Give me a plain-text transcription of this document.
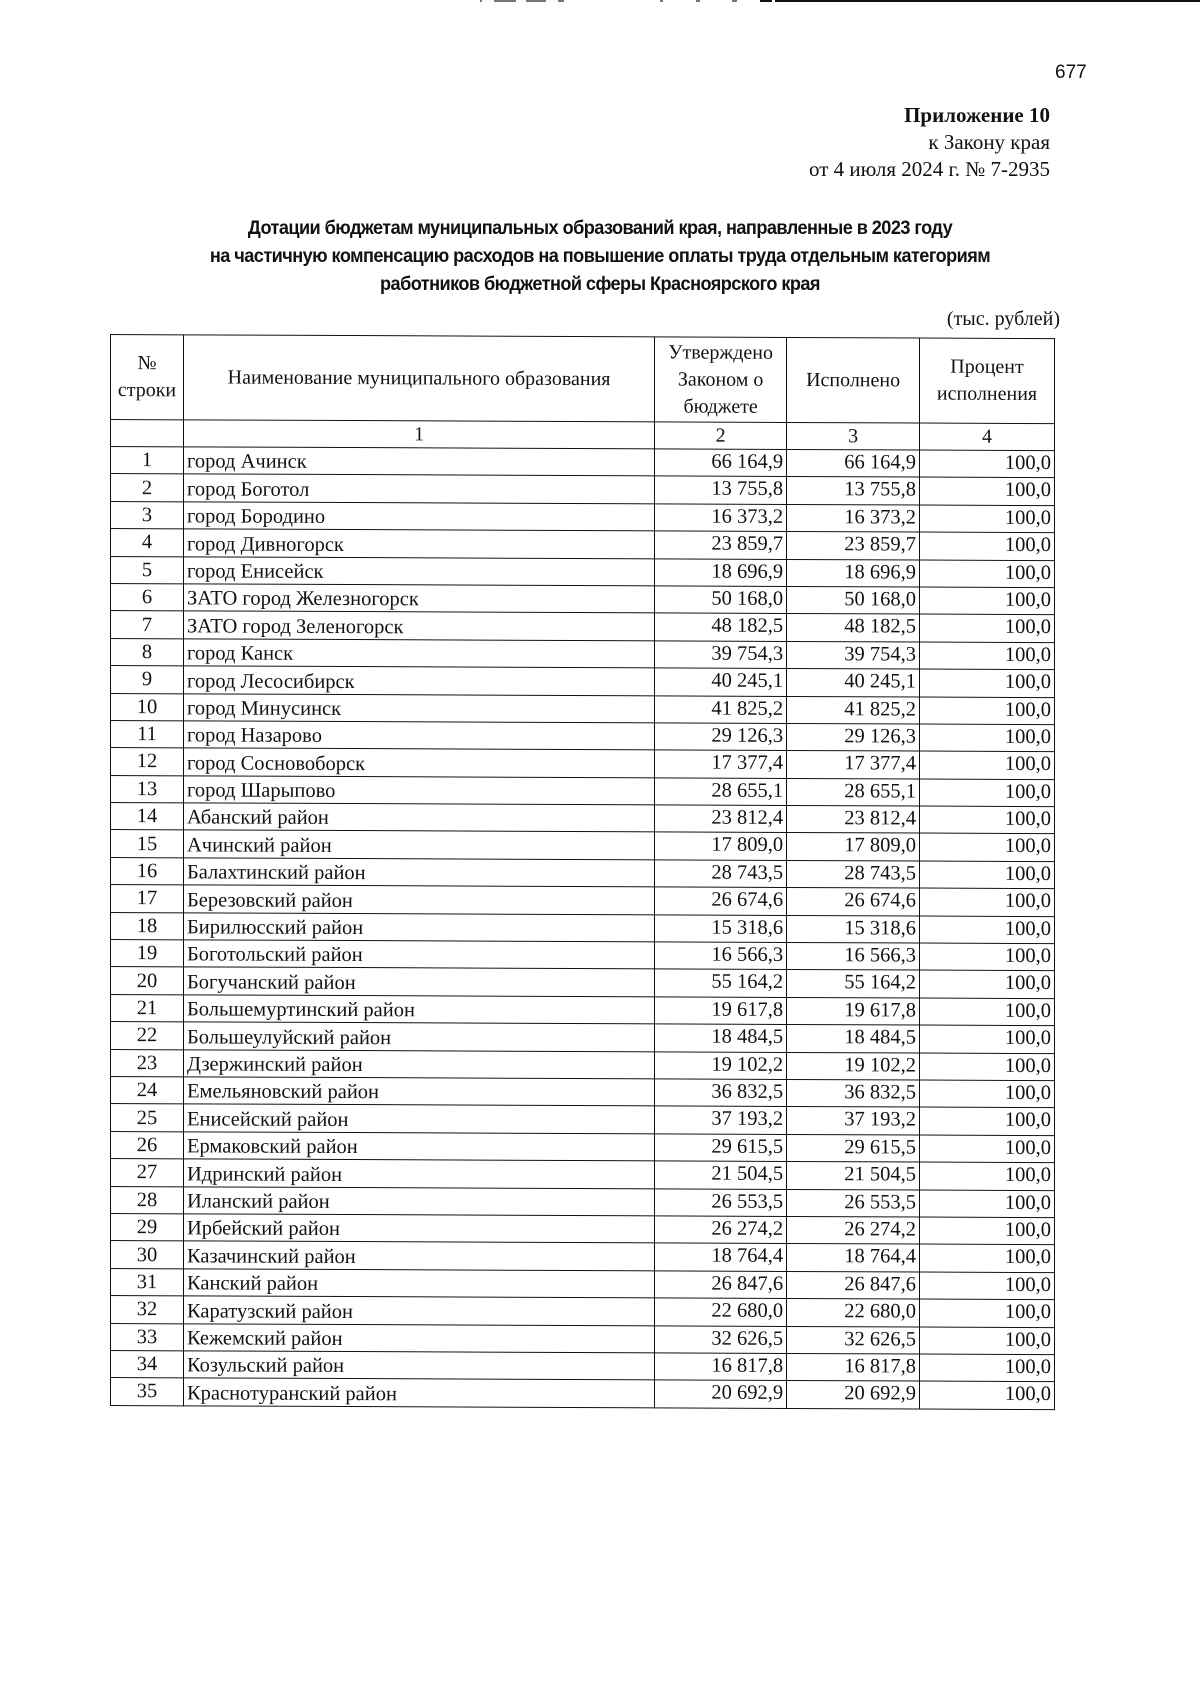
677
Приложение 10
к Закону края
от 4 июля 2024 г. № 7-2935
Дотации бюджетам муниципальных образований края, направленные в 2023 году
на частичную компенсацию расходов на повышение оплаты труда отдельным категориям
работников бюджетной сферы Красноярского края
(тыс. рублей)
№
строки
	Наименование муниципального образования	
Утверждено
Законом о
бюджете
	Исполнено	
Процент
исполнения

	1	2	3	4
1	город Ачинск	66 164,9	66 164,9	100,0
2	город Боготол	13 755,8	13 755,8	100,0
3	город Бородино	16 373,2	16 373,2	100,0
4	город Дивногорск	23 859,7	23 859,7	100,0
5	город Енисейск	18 696,9	18 696,9	100,0
6	ЗАТО город Железногорск	50 168,0	50 168,0	100,0
7	ЗАТО город Зеленогорск	48 182,5	48 182,5	100,0
8	город Канск	39 754,3	39 754,3	100,0
9	город Лесосибирск	40 245,1	40 245,1	100,0
10	город Минусинск	41 825,2	41 825,2	100,0
11	город Назарово	29 126,3	29 126,3	100,0
12	город Сосновоборск	17 377,4	17 377,4	100,0
13	город Шарыпово	28 655,1	28 655,1	100,0
14	Абанский район	23 812,4	23 812,4	100,0
15	Ачинский район	17 809,0	17 809,0	100,0
16	Балахтинский район	28 743,5	28 743,5	100,0
17	Березовский район	26 674,6	26 674,6	100,0
18	Бирилюсский район	15 318,6	15 318,6	100,0
19	Боготольский район	16 566,3	16 566,3	100,0
20	Богучанский район	55 164,2	55 164,2	100,0
21	Большемуртинский район	19 617,8	19 617,8	100,0
22	Большеулуйский район	18 484,5	18 484,5	100,0
23	Дзержинский район	19 102,2	19 102,2	100,0
24	Емельяновский район	36 832,5	36 832,5	100,0
25	Енисейский район	37 193,2	37 193,2	100,0
26	Ермаковский район	29 615,5	29 615,5	100,0
27	Идринский район	21 504,5	21 504,5	100,0
28	Иланский район	26 553,5	26 553,5	100,0
29	Ирбейский район	26 274,2	26 274,2	100,0
30	Казачинский район	18 764,4	18 764,4	100,0
31	Канский район	26 847,6	26 847,6	100,0
32	Каратузский район	22 680,0	22 680,0	100,0
33	Кежемский район	32 626,5	32 626,5	100,0
34	Козульский район	16 817,8	16 817,8	100,0
35	Краснотуранский район	20 692,9	20 692,9	100,0
